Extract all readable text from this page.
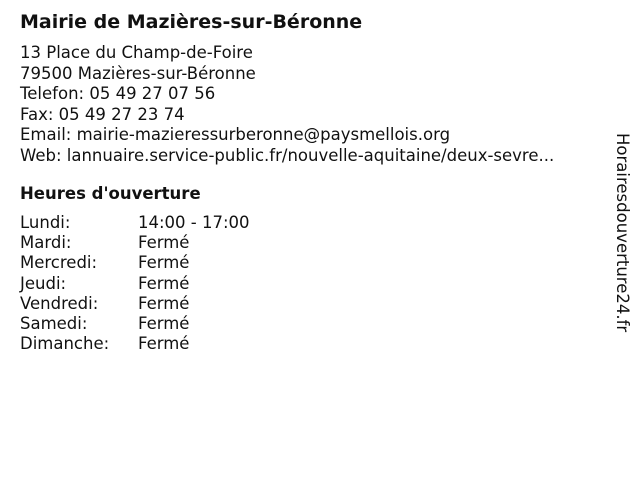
Mairie de Mazières-sur-Béronne
13 Place du Champ-de-Foire
79500 Mazières-sur-Béronne
Telefon: 05 49 27 07 56
Fax: 05 49 27 23 74
Email: mairie-mazieressurberonne@paysmellois.org
Web: lannuaire.service-public.fr/nouvelle-aquitaine/deux-sevre...
Heures d'ouverture
Lundi:	14:00 - 17:00
Mardi:	Fermé
Mercredi: Fermé
Jeudi:	Fermé
Vendredi: Fermé
Samedi:	Fermé
Dimanche: Fermé
Horairesdouverture24.fr
